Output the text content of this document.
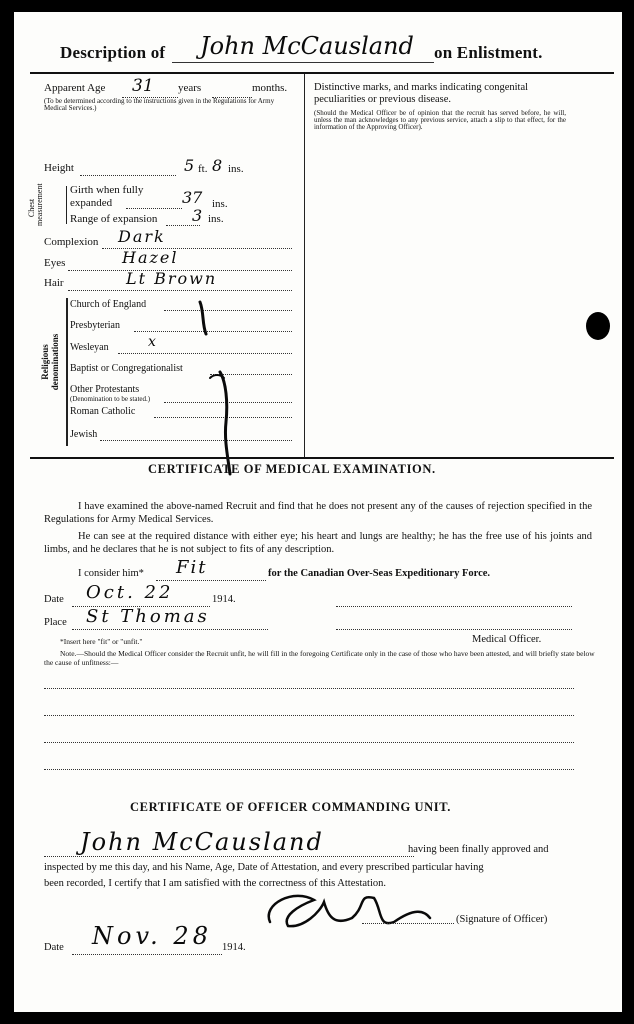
Description of John McCausland on Enlistment.
Apparent Age 31 years	months.
(To be determined according to the instructions given in the Regulations for Army Medical Services.)
Height	5 ft. 8 ins.
Chest measurement Girth when fully expanded	37 ins.
Range of expansion 3 ins.
Complexion Dark
Eyes	Hazel
Hair	Lt Brown
Religious denominations
Church of England
Presbyterian
Wesleyan	x
Baptist or Congregationalist
Other Protestants
(Denomination to be stated.)
Roman Catholic
Jewish
Distinctive marks, and marks indicating congenital peculiarities or previous disease.
(Should the Medical Officer be of opinion that the recruit has served before, he will, unless the man acknowledges to any previous service, attach a slip to that effect, for the information of the Approving Officer).
CERTIFICATE OF MEDICAL EXAMINATION.
I have examined the above-named Recruit and find that he does not present any of the causes of rejection specified in the Regulations for Army Medical Services.
He can see at the required distance with either eye; his heart and lungs are healthy; he has the free use of his joints and limbs, and he declares that he is not subject to fits of any description.
I consider him* Fit	for the Canadian Over-Seas Expeditionary Force.
Date Oct. 22	1914.
Place St Thomas
Medical Officer.
*Insert here "fit" or "unfit."
Note.—Should the Medical Officer consider the Recruit unfit, he will fill in the foregoing Certificate only in the case of those who have been attested, and will briefly state below the cause of unfitness:—
CERTIFICATE OF OFFICER COMMANDING UNIT.
John McCausland	having been finally approved and
inspected by me this day, and his Name, Age, Date of Attestation, and every prescribed particular having
been recorded, I certify that I am satisfied with the correctness of this Attestation.
(Signature of Officer)
Date Nov. 28 1914.
